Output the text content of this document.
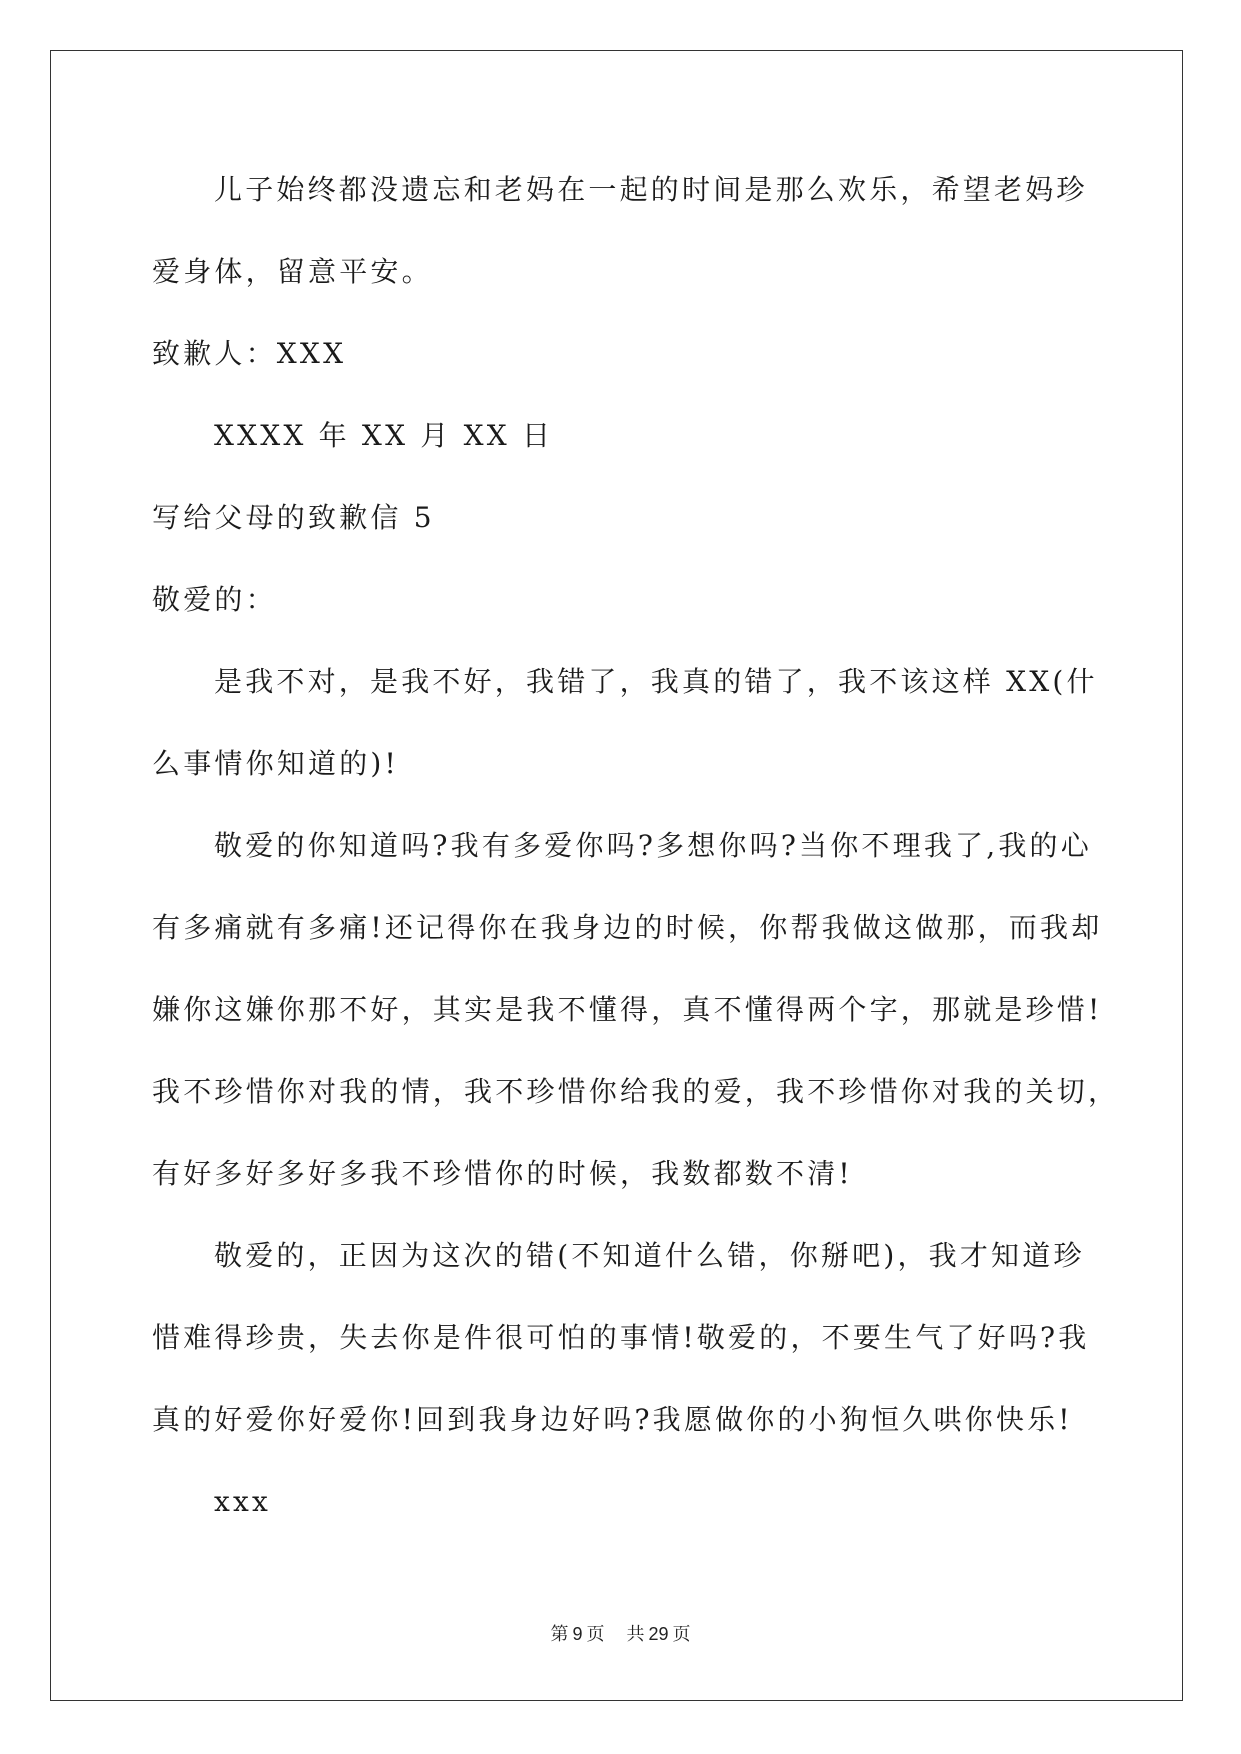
儿子始终都没遗忘和老妈在一起的时间是那么欢乐，希望老妈珍
爱身体，留意平安。
致歉人：XXX
XXXX 年 XX 月 XX 日
写给父母的致歉信 5
敬爱的：
是我不对，是我不好，我错了，我真的错了，我不该这样 XX(什
么事情你知道的)!
敬爱的你知道吗?我有多爱你吗?多想你吗?当你不理我了,我的心
有多痛就有多痛!还记得你在我身边的时候，你帮我做这做那，而我却
嫌你这嫌你那不好，其实是我不懂得，真不懂得两个字，那就是珍惜!
我不珍惜你对我的情，我不珍惜你给我的爱，我不珍惜你对我的关切，
有好多好多好多我不珍惜你的时候，我数都数不清!
敬爱的，正因为这次的错(不知道什么错，你掰吧)，我才知道珍
惜难得珍贵，失去你是件很可怕的事情!敬爱的，不要生气了好吗?我
真的好爱你好爱你!回到我身边好吗?我愿做你的小狗恒久哄你快乐!
xxx
第 9 页 共 29 页
